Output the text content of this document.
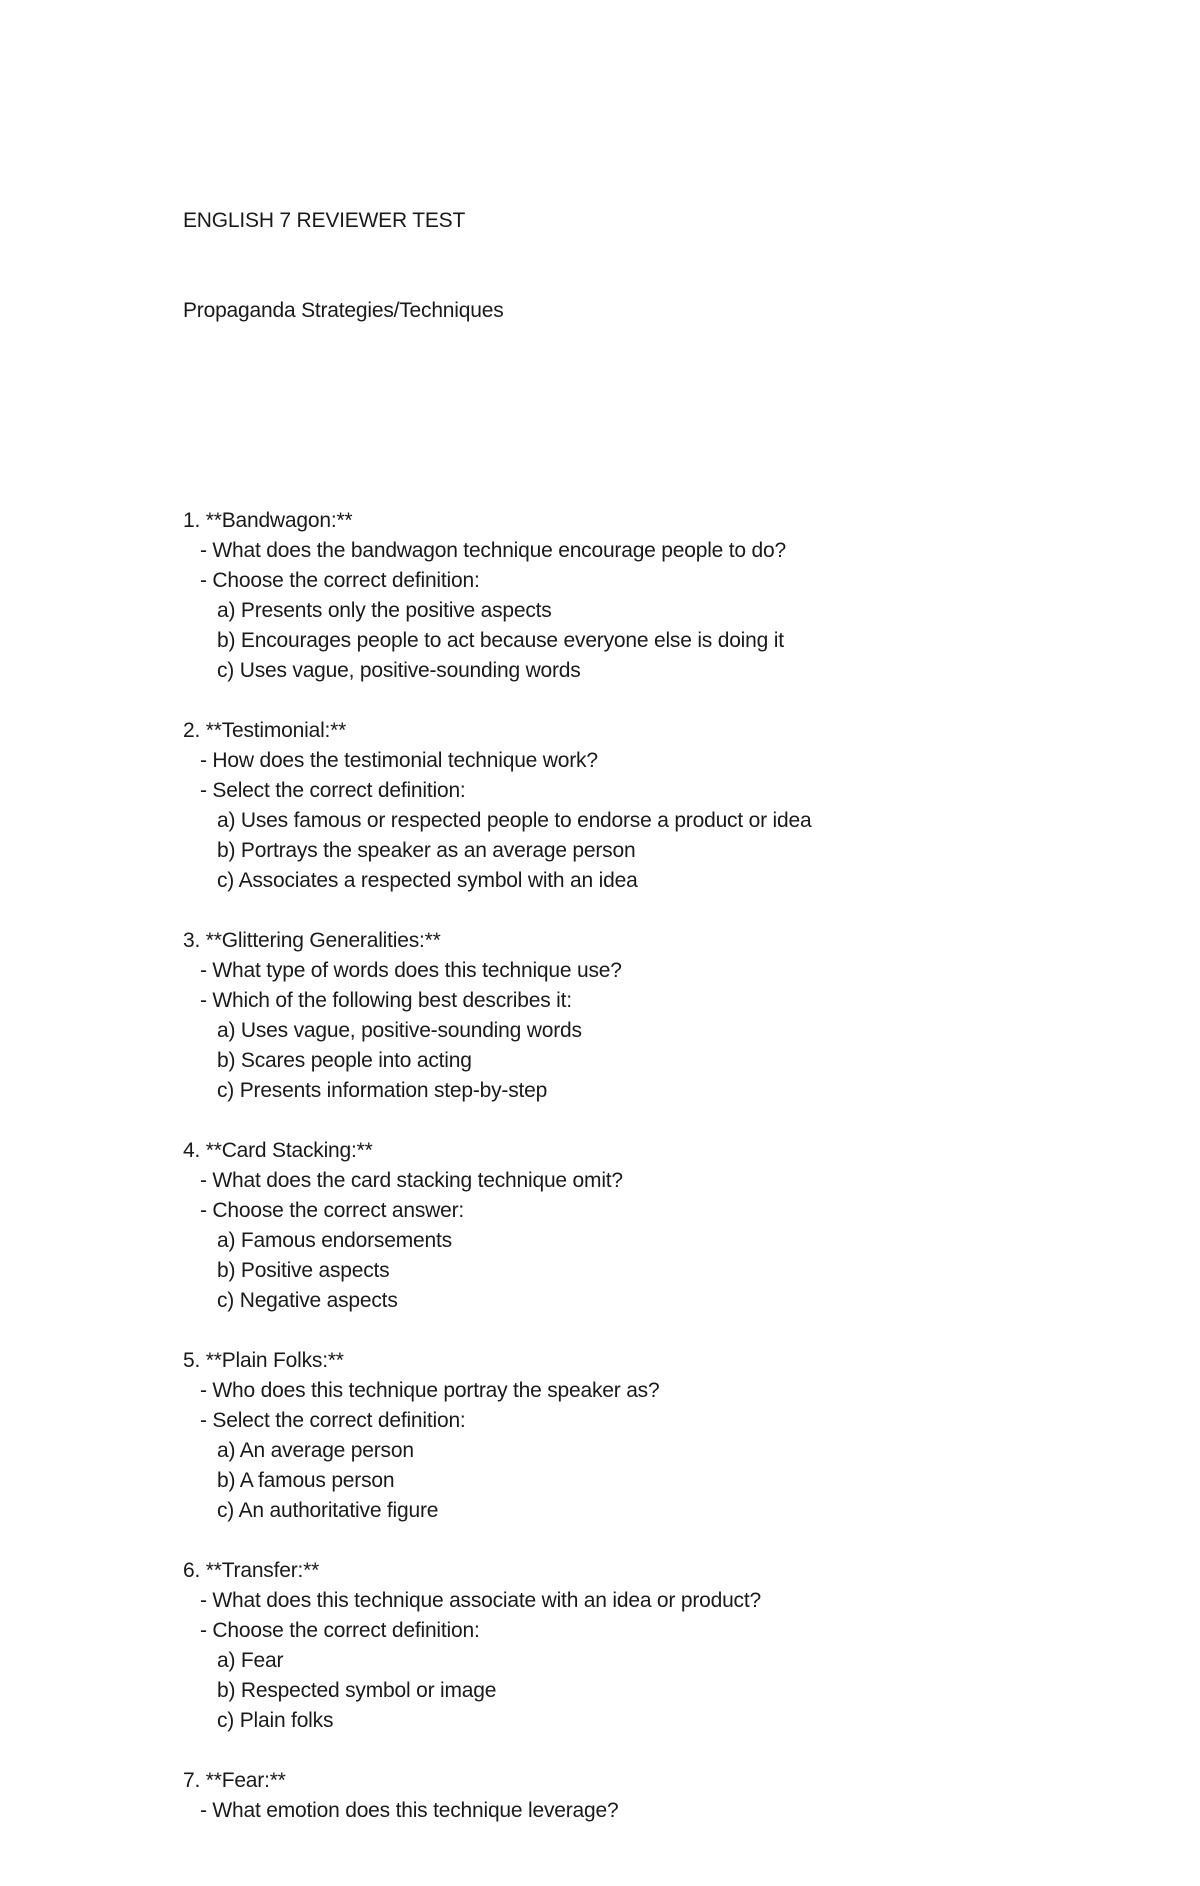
ENGLISH 7 REVIEWER TEST

Propaganda Strategies/Techniques

1. **Bandwagon:**
- What does the bandwagon technique encourage people to do?
- Choose the correct definition:
a) Presents only the positive aspects
b) Encourages people to act because everyone else is doing it
c) Uses vague, positive-sounding words
2. **Testimonial:**
- How does the testimonial technique work?
- Select the correct definition:
a) Uses famous or respected people to endorse a product or idea
b) Portrays the speaker as an average person
c) Associates a respected symbol with an idea
3. **Glittering Generalities:**
- What type of words does this technique use?
- Which of the following best describes it:
a) Uses vague, positive-sounding words
b) Scares people into acting
c) Presents information step-by-step
4. **Card Stacking:**
- What does the card stacking technique omit?
- Choose the correct answer:
a) Famous endorsements
b) Positive aspects
c) Negative aspects
5. **Plain Folks:**
- Who does this technique portray the speaker as?
- Select the correct definition:
a) An average person
b) A famous person
c) An authoritative figure
6. **Transfer:**
- What does this technique associate with an idea or product?
- Choose the correct definition:
a) Fear
b) Respected symbol or image
c) Plain folks
7. **Fear:**
- What emotion does this technique leverage?
